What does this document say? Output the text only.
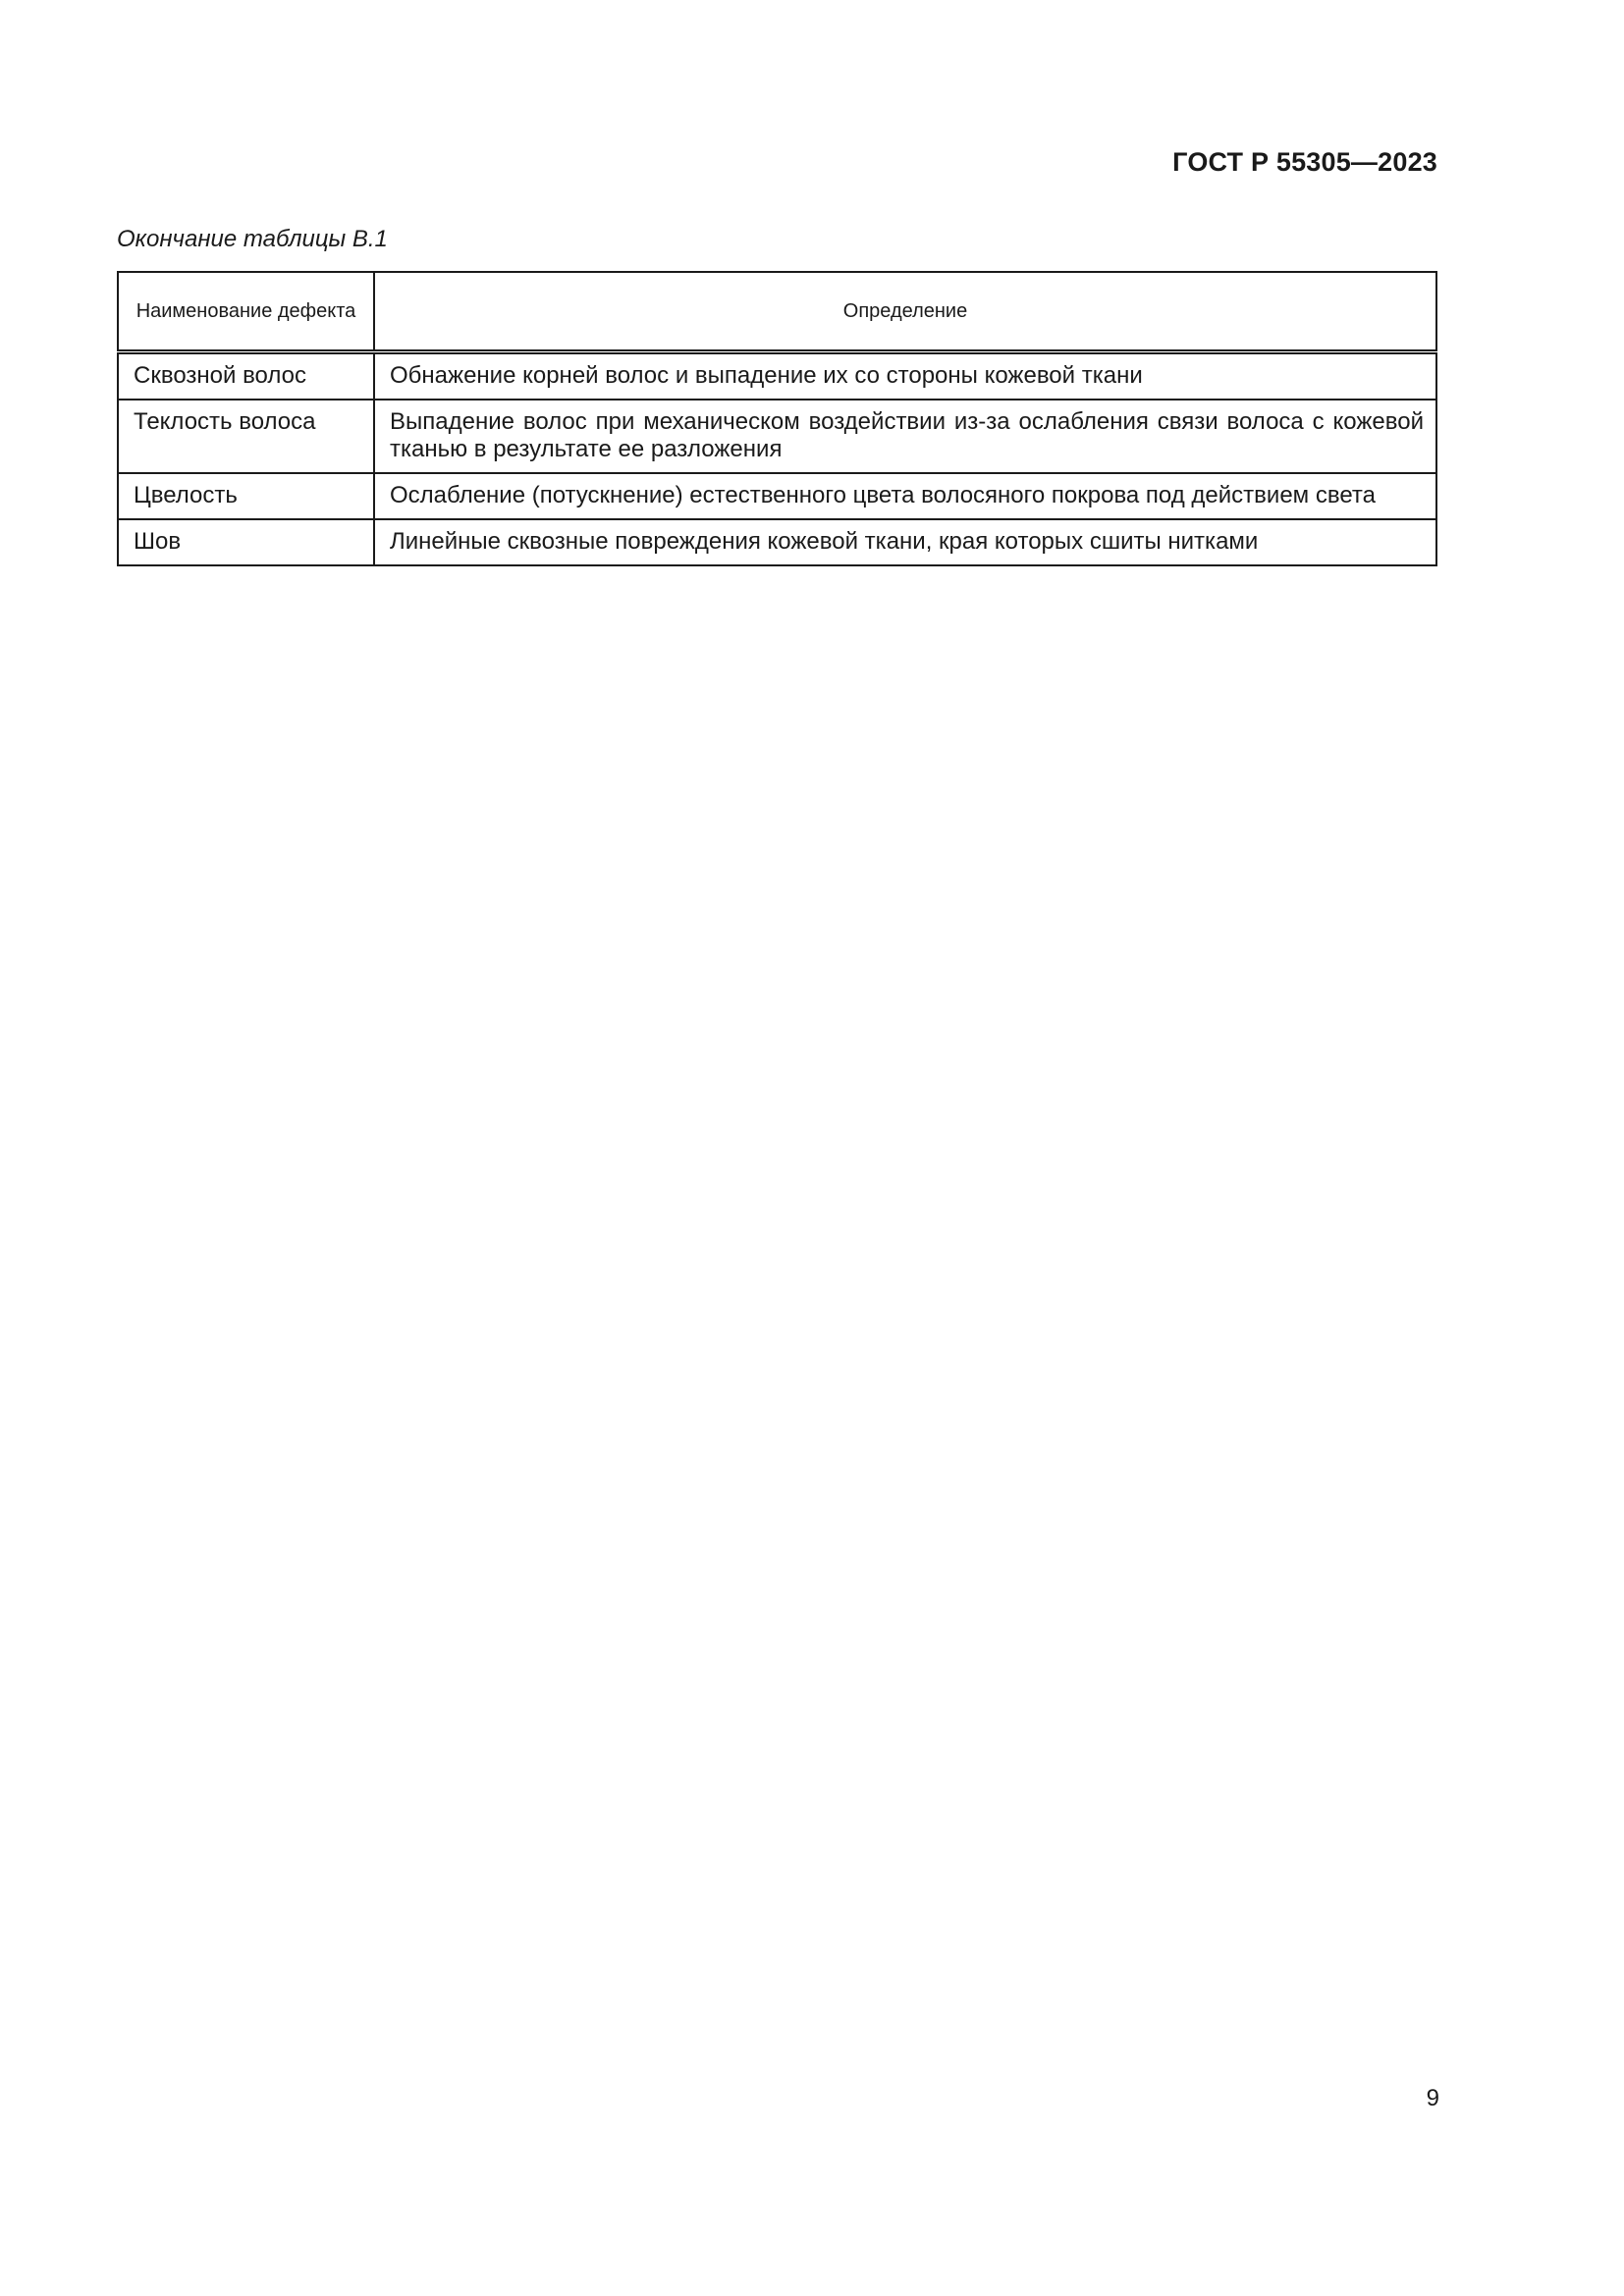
ГОСТ Р 55305—2023
Окончание таблицы В.1
Наименование дефекта	Определение
Сквозной волос	Обнажение корней волос и выпадение их со стороны кожевой ткани
Теклость волоса	Выпадение волос при механическом воздействии из-за ослабления связи волоса с кожевой тканью в результате ее разложения
Цвелость	Ослабление (потускнение) естественного цвета волосяного покрова под действием света
Шов	Линейные сквозные повреждения кожевой ткани, края которых сшиты нитками
9
